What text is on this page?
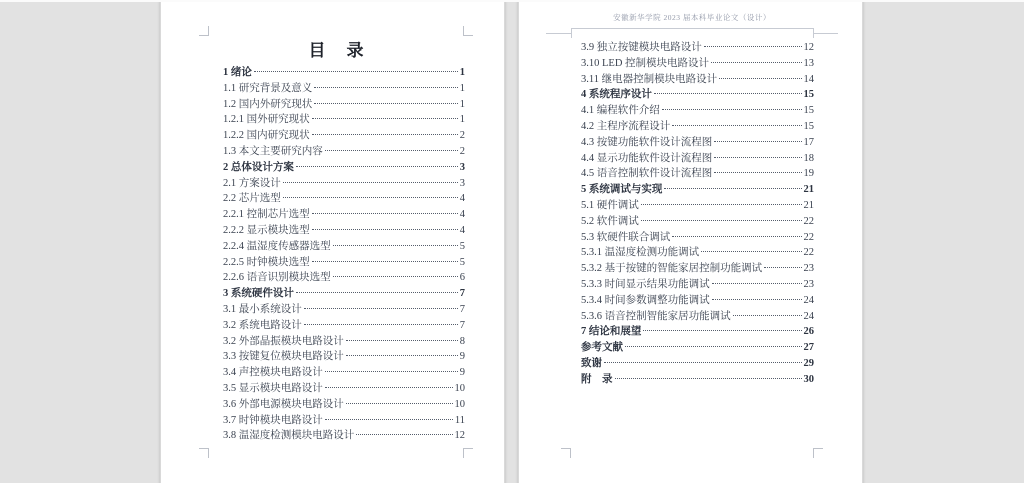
目　录
1 绪论	1
1.1 研究背景及意义	1
1.2 国内外研究现状	1
1.2.1 国外研究现状	1
1.2.2 国内研究现状	2
1.3 本文主要研究内容	2
2 总体设计方案	3
2.1 方案设计	3
2.2 芯片选型	4
2.2.1 控制芯片选型	4
2.2.2 显示模块选型	4
2.2.4 温湿度传感器选型	5
2.2.5 时钟模块选型	5
2.2.6 语音识别模块选型	6
3 系统硬件设计	7
3.1 最小系统设计	7
3.2 系统电路设计	7
3.2 外部晶振模块电路设计	8
3.3 按键复位模块电路设计	9
3.4 声控模块电路设计	9
3.5 显示模块电路设计	10
3.6 外部电源模块电路设计	10
3.7 时钟模块电路设计	11
3.8 温湿度检测模块电路设计	12
安徽新华学院 2023 届本科毕业论文（设计）
3.9 独立按键模块电路设计	12
3.10 LED 控制模块电路设计	13
3.11 继电器控制模块电路设计	14
4 系统程序设计	15
4.1 编程软件介绍	15
4.2 主程序流程设计	15
4.3 按键功能软件设计流程图	17
4.4 显示功能软件设计流程图	18
4.5 语音控制软件设计流程图	19
5 系统调试与实现	21
5.1 硬件调试	21
5.2 软件调试	22
5.3 软硬件联合调试	22
5.3.1 温湿度检测功能调试	22
5.3.2 基于按键的智能家居控制功能调试	23
5.3.3 时间显示结果功能调试	23
5.3.4 时间参数调整功能调试	24
5.3.6 语音控制智能家居功能调试	24
7 结论和展望	26
参考文献	27
致谢	29
附　录	30
